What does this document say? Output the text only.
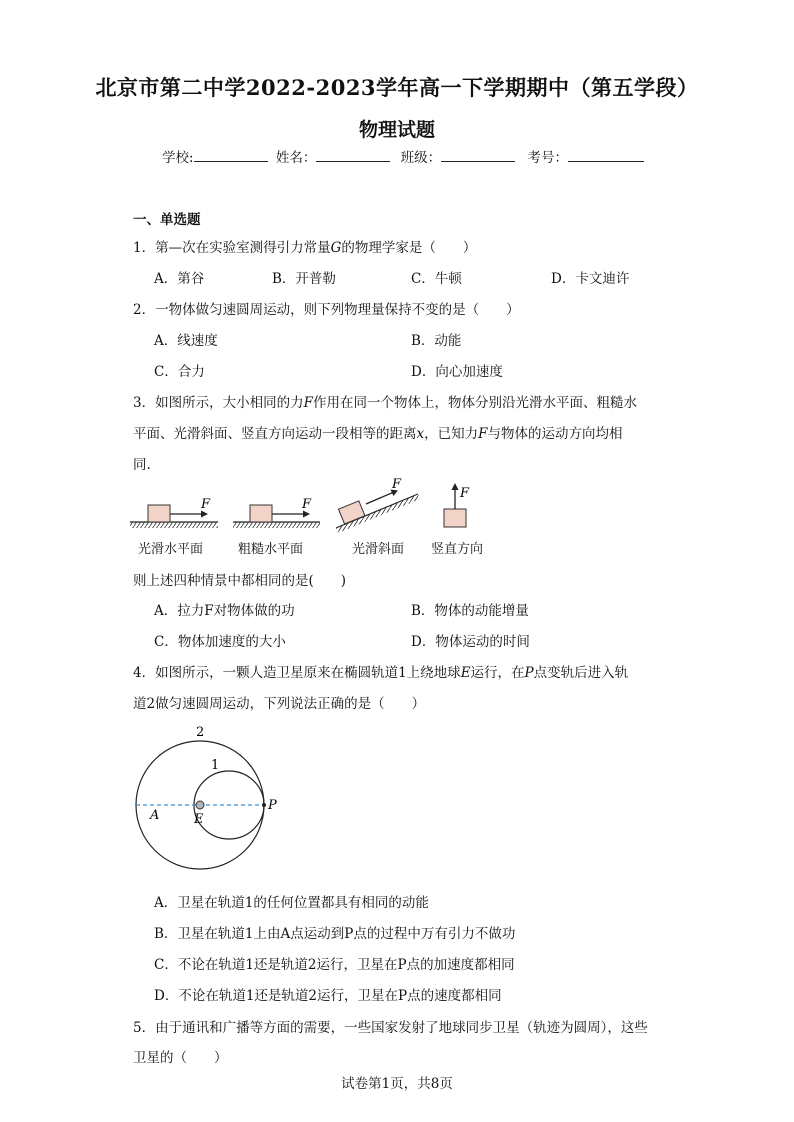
北京市第二中学2022-2023学年高一下学期期中（第五学段）
物理试题
学校:	姓名：	班级：	考号：
一、单选题
1．第—次在实验室测得引力常量G的物理学家是（　　）
A．第谷	B．开普勒	C．牛顿	D．卡文迪许
2．一物体做匀速圆周运动，则下列物理量保持不变的是（　　）
A．线速度	B．动能
C．合力	D．向心加速度
3．如图所示，大小相同的力F作用在同一个物体上，物体分别沿光滑水平面、粗糙水
平面、光滑斜面、竖直方向运动一段相等的距离x，已知力F与物体的运动方向均相
同.
F	F
F
F
光滑水平面	粗糙水平面	光滑斜面 竖直方向
则上述四种情景中都相同的是(　　)
A．拉力F对物体做的功	B．物体的动能增量
C．物体加速度的大小	D．物体运动的时间
4．如图所示，一颗人造卫星原来在椭圆轨道1上绕地球E运行，在P点变轨后进入轨
道2做匀速圆周运动，下列说法正确的是（　　）
2
1
A	E
P
A．卫星在轨道1的任何位置都具有相同的动能
B．卫星在轨道1上由A点运动到P点的过程中万有引力不做功
C．不论在轨道1还是轨道2运行，卫星在P点的加速度都相同
D．不论在轨道1还是轨道2运行，卫星在P点的速度都相同
5．由于通讯和广播等方面的需要，一些国家发射了地球同步卫星（轨迹为圆周），这些
卫星的（　　）
试卷第1页，共8页
